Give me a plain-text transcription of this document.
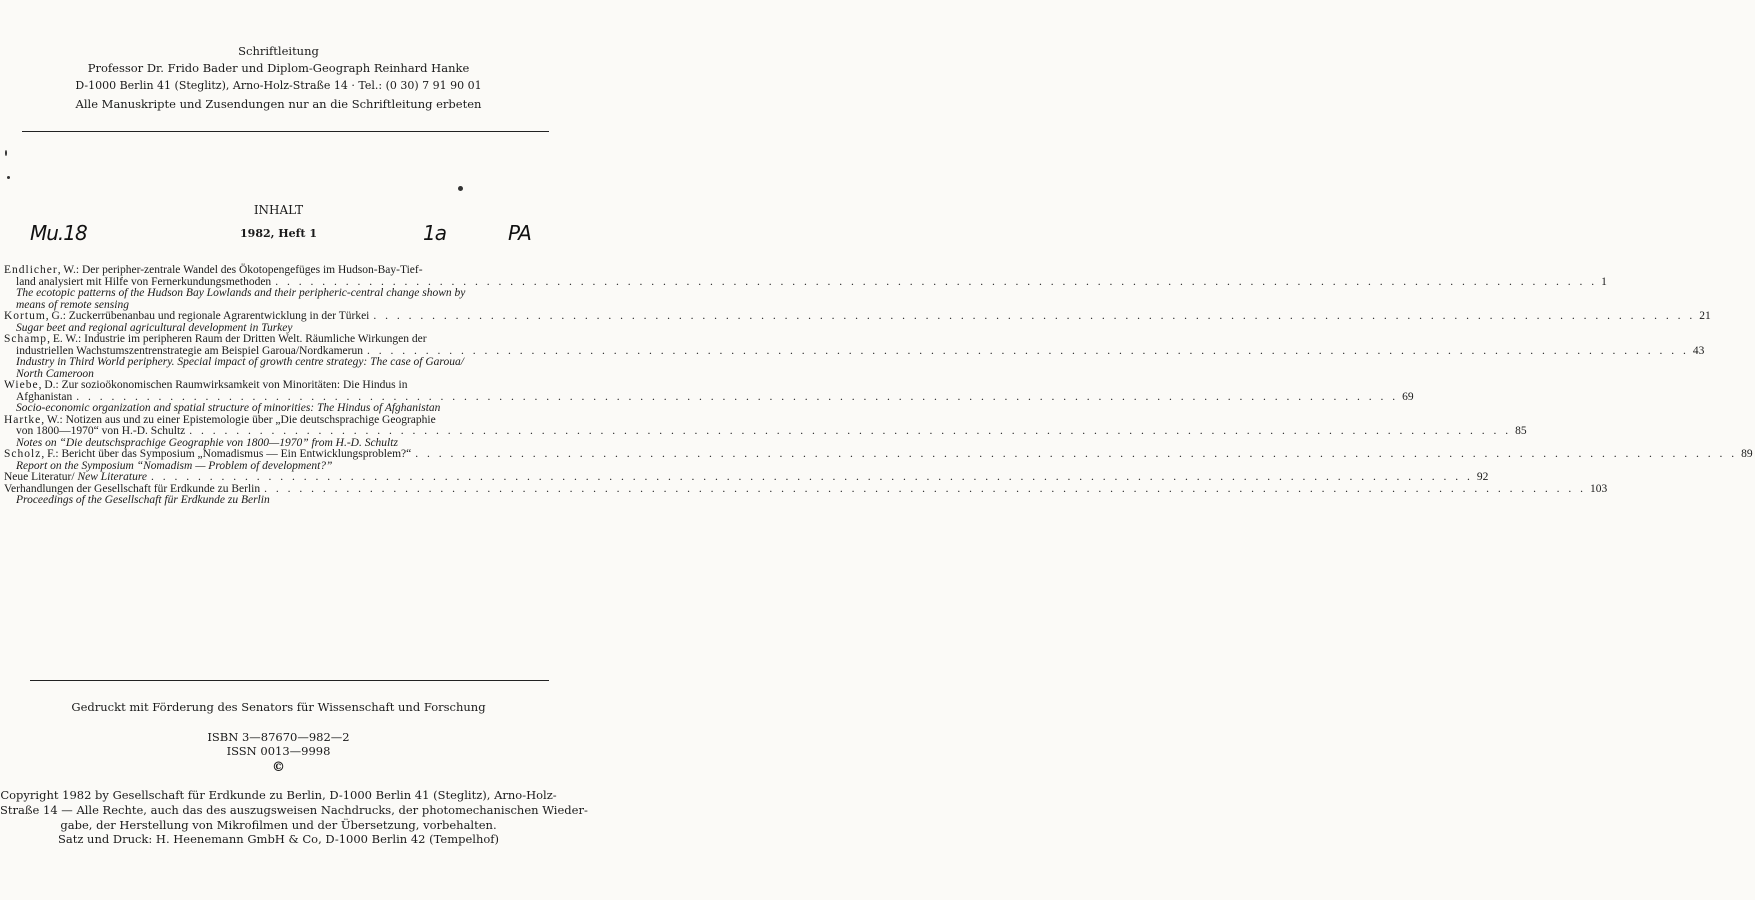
Schriftleitung
Professor Dr. Frido Bader und Diplom-Geograph Reinhard Hanke
D-1000 Berlin 41 (Steglitz), Arno-Holz-Straße 14 · Tel.: (0 30) 7 91 90 01
Alle Manuskripte und Zusendungen nur an die Schriftleitung erbeten
INHALT
1982, Heft 1
Mu.18	1a	PA
Endlicher, W.: Der peripher-zentrale Wandel des Ökotopengefüges im Hudson-Bay-Tief-
land analysiert mit Hilfe von Fernerkundungsmethoden . . .	1
The ecotopic patterns of the Hudson Bay Lowlands and their peripheric-central change shown by
means of remote sensing
Kortum, G.: Zuckerrübenanbau und regionale Agrarentwicklung in der Türkei . . .	21
Sugar beet and regional agricultural development in Turkey
Schamp, E. W.: Industrie im peripheren Raum der Dritten Welt. Räumliche Wirkungen der
industriellen Wachstumszentrenstrategie am Beispiel Garoua/Nordkamerun . . .	43
Industry in Third World periphery. Special impact of growth centre strategy: The case of Garoua/
North Cameroon
Wiebe, D.: Zur sozioökonomischen Raumwirksamkeit von Minoritäten: Die Hindus in
Afghanistan . . .	69
Socio-economic organization and spatial structure of minorities: The Hindus of Afghanistan
Hartke, W.: Notizen aus und zu einer Epistemologie über „Die deutschsprachige Geographie
von 1800—1970“ von H.-D. Schultz . . .	85
Notes on “Die deutschsprachige Geographie von 1800—1970” from H.-D. Schultz
Scholz, F.: Bericht über das Symposium „Nomadismus — Ein Entwicklungsproblem?“ . . .	89
Report on the Symposium “Nomadism — Problem of development?”
Neue Literatur/ New Literature . . .	92
Verhandlungen der Gesellschaft für Erdkunde zu Berlin . . .	103
Proceedings of the Gesellschaft für Erdkunde zu Berlin
Gedruckt mit Förderung des Senators für Wissenschaft und Forschung
ISBN 3—87670—982—2
ISSN 0013—9998
©
Copyright 1982 by Gesellschaft für Erdkunde zu Berlin, D-1000 Berlin 41 (Steglitz), Arno-Holz-
Straße 14 — Alle Rechte, auch das des auszugsweisen Nachdrucks, der photomechanischen Wieder-
gabe, der Herstellung von Mikrofilmen und der Übersetzung, vorbehalten.
Satz und Druck: H. Heenemann GmbH & Co, D-1000 Berlin 42 (Tempelhof)
